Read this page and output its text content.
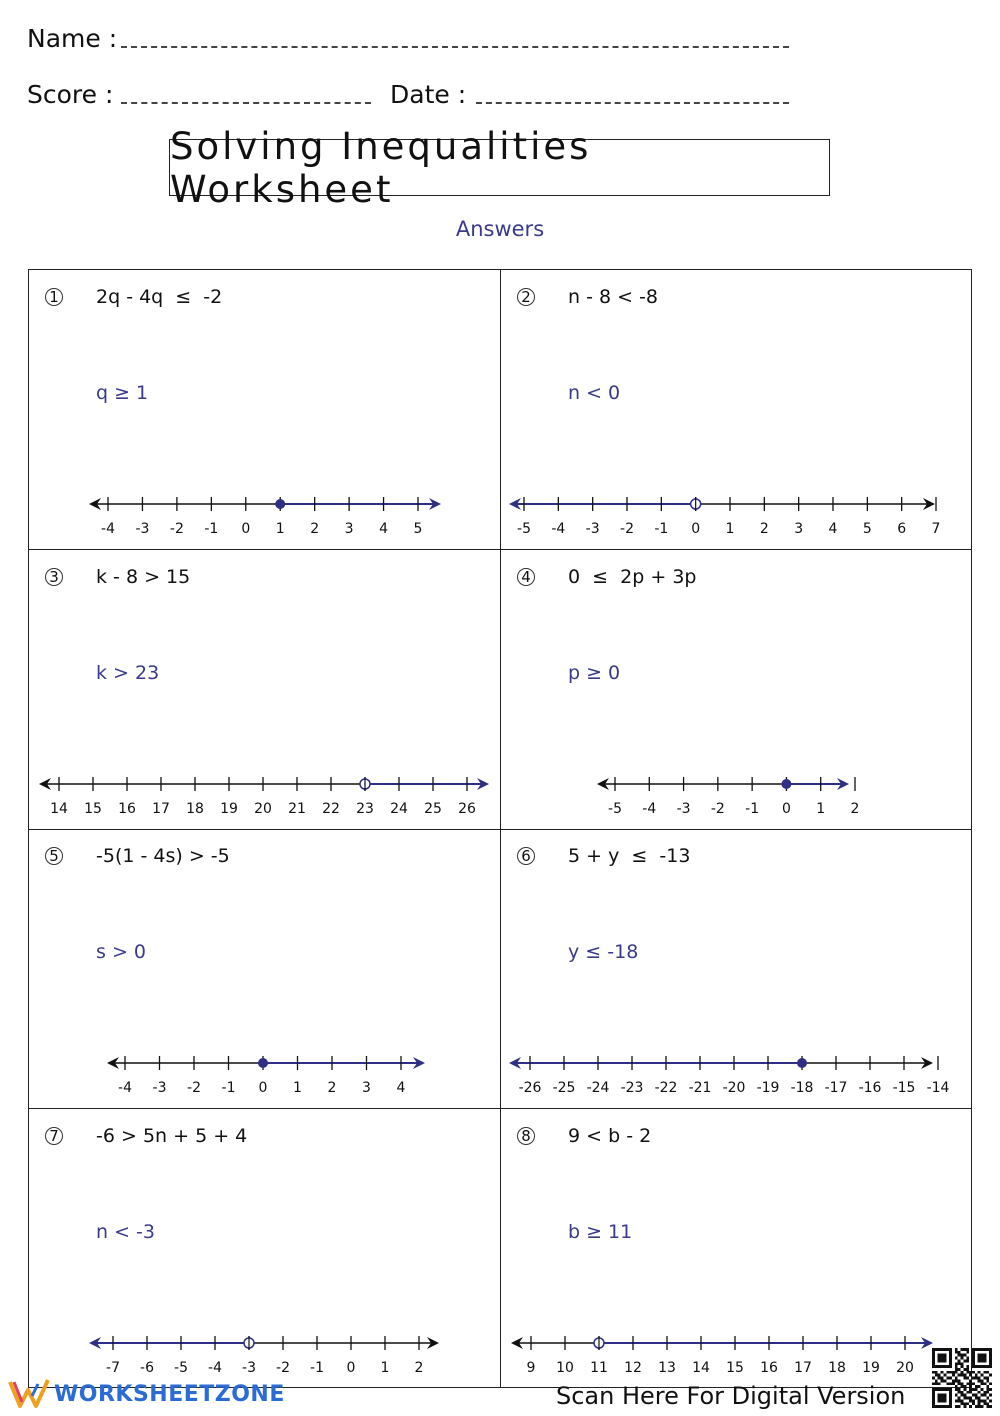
Name :
Score :	Date :
Solving Inequalities Worksheet
Answers
1 2q - 4q  ≤  -2
q ≥ 1
-4 -3 -2 -1 0 1 2 3 4 5
2 n - 8 < -8
n < 0
-5 -4 -3 -2 -1 0 1 2 3 4 5 6 7
3 k - 8 > 15
k > 23
14 15 16 17 18 19 20 21 22 23 24 25 26
4 0  ≤  2p + 3p
p ≥ 0
-5 -4 -3 -2 -1 0 1 2
5 -5(1 - 4s) > -5
s > 0
-4 -3 -2 -1 0 1 2 3 4
6 5 + y  ≤  -13
y ≤ -18
-26 -25 -24 -23 -22 -21 -20 -19 -18 -17 -16 -15 -14
7 -6 > 5n + 5 + 4
n < -3
-7 -6 -5 -4 -3 -2 -1 0 1 2
8 9 < b - 2
b ≥ 11
9 10 11 12 13 14 15 16 17 18 19 20
WORKSHEETZONE	Scan Here For Digital Version
